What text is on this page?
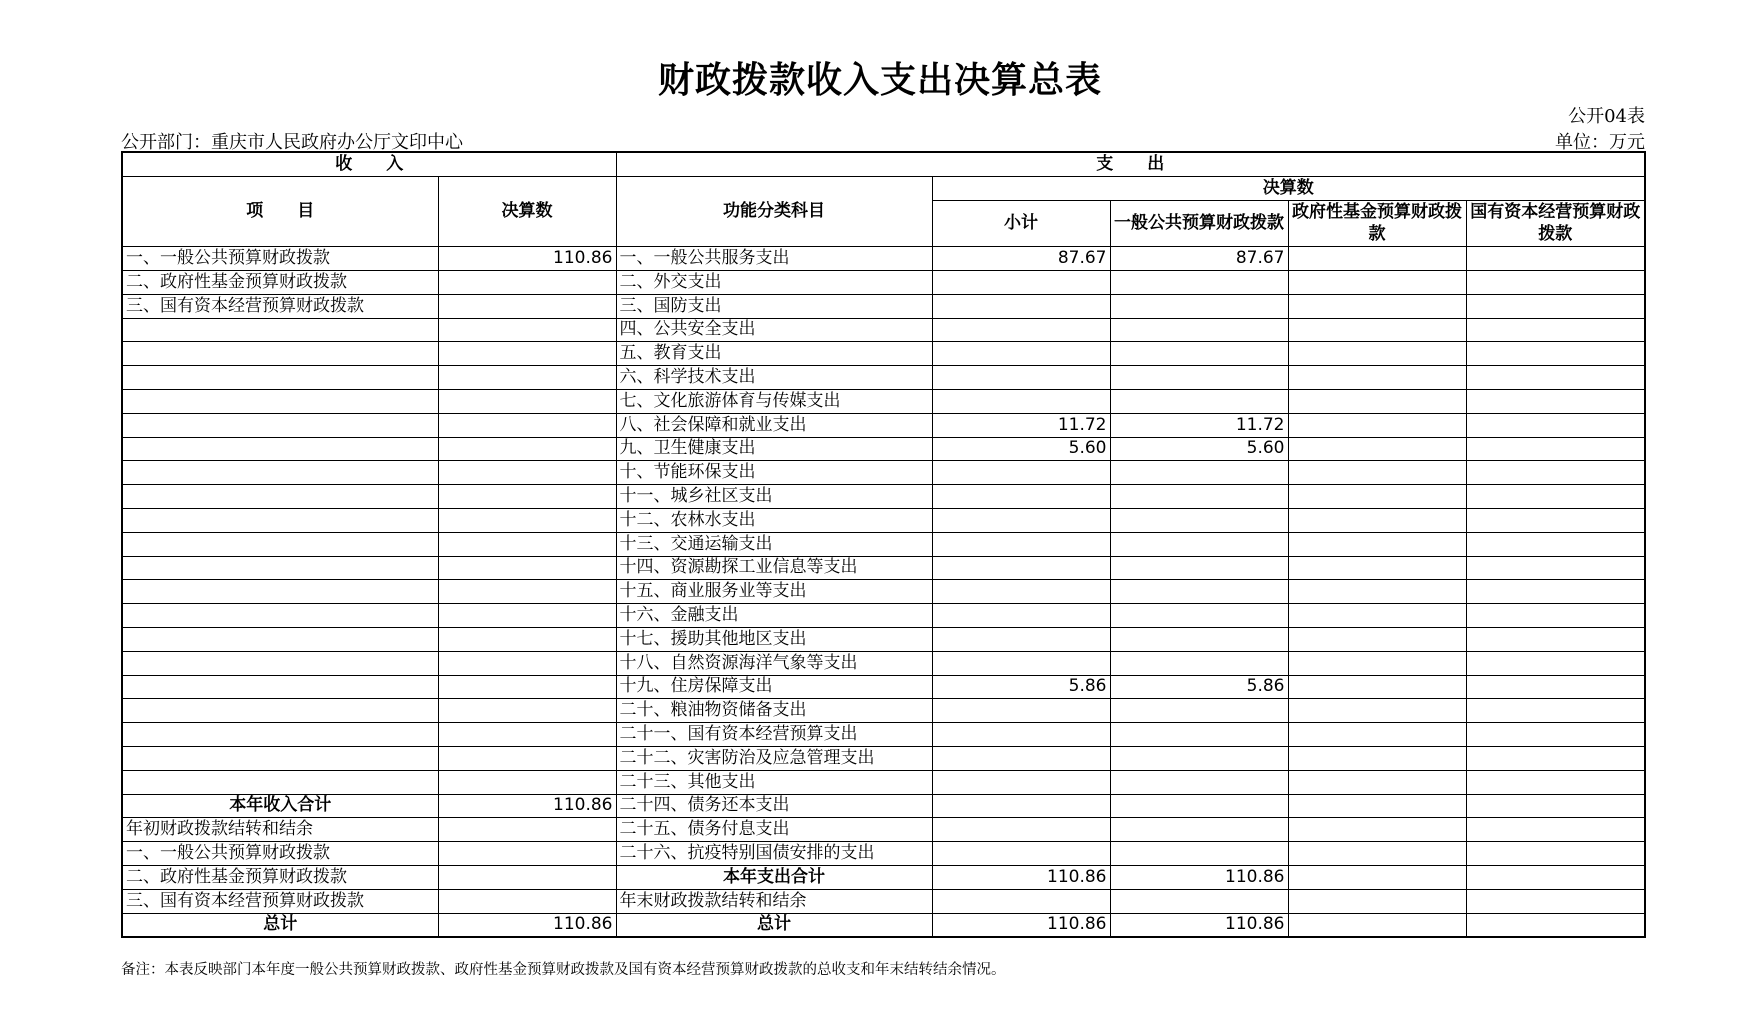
财政拨款收入支出决算总表
公开04表
公开部门：重庆市人民政府办公厅文印中心	单位：万元
收　　入		支　　出				
项　　目	决算数	功能分类科目	决算数			
			小计	一般公共预算财政拨款	政府性基金预算财政拨款	国有资本经营预算财政拨款

一、一般公共预算财政拨款	110.86	一、一般公共服务支出	87.67	87.67		
二、政府性基金预算财政拨款		二、外交支出				
三、国有资本经营预算财政拨款		三、国防支出				
		四、公共安全支出				
		五、教育支出				
		六、科学技术支出				
		七、文化旅游体育与传媒支出				
		八、社会保障和就业支出	11.72	11.72		
		九、卫生健康支出	5.60	5.60		
		十、节能环保支出				
		十一、城乡社区支出				
		十二、农林水支出				
		十三、交通运输支出				
		十四、资源勘探工业信息等支出				
		十五、商业服务业等支出				
		十六、金融支出				
		十七、援助其他地区支出				
		十八、自然资源海洋气象等支出				
		十九、住房保障支出	5.86	5.86		
		二十、粮油物资储备支出				
		二十一、国有资本经营预算支出				
		二十二、灾害防治及应急管理支出				
		二十三、其他支出				
本年收入合计	110.86	二十四、债务还本支出				
年初财政拨款结转和结余		二十五、债务付息支出				
一、一般公共预算财政拨款		二十六、抗疫特别国债安排的支出				
二、政府性基金预算财政拨款		本年支出合计	110.86	110.86		
三、国有资本经营预算财政拨款		年末财政拨款结转和结余				
总计	110.86	总计	110.86	110.86		
备注：本表反映部门本年度一般公共预算财政拨款、政府性基金预算财政拨款及国有资本经营预算财政拨款的总收支和年末结转结余情况。
